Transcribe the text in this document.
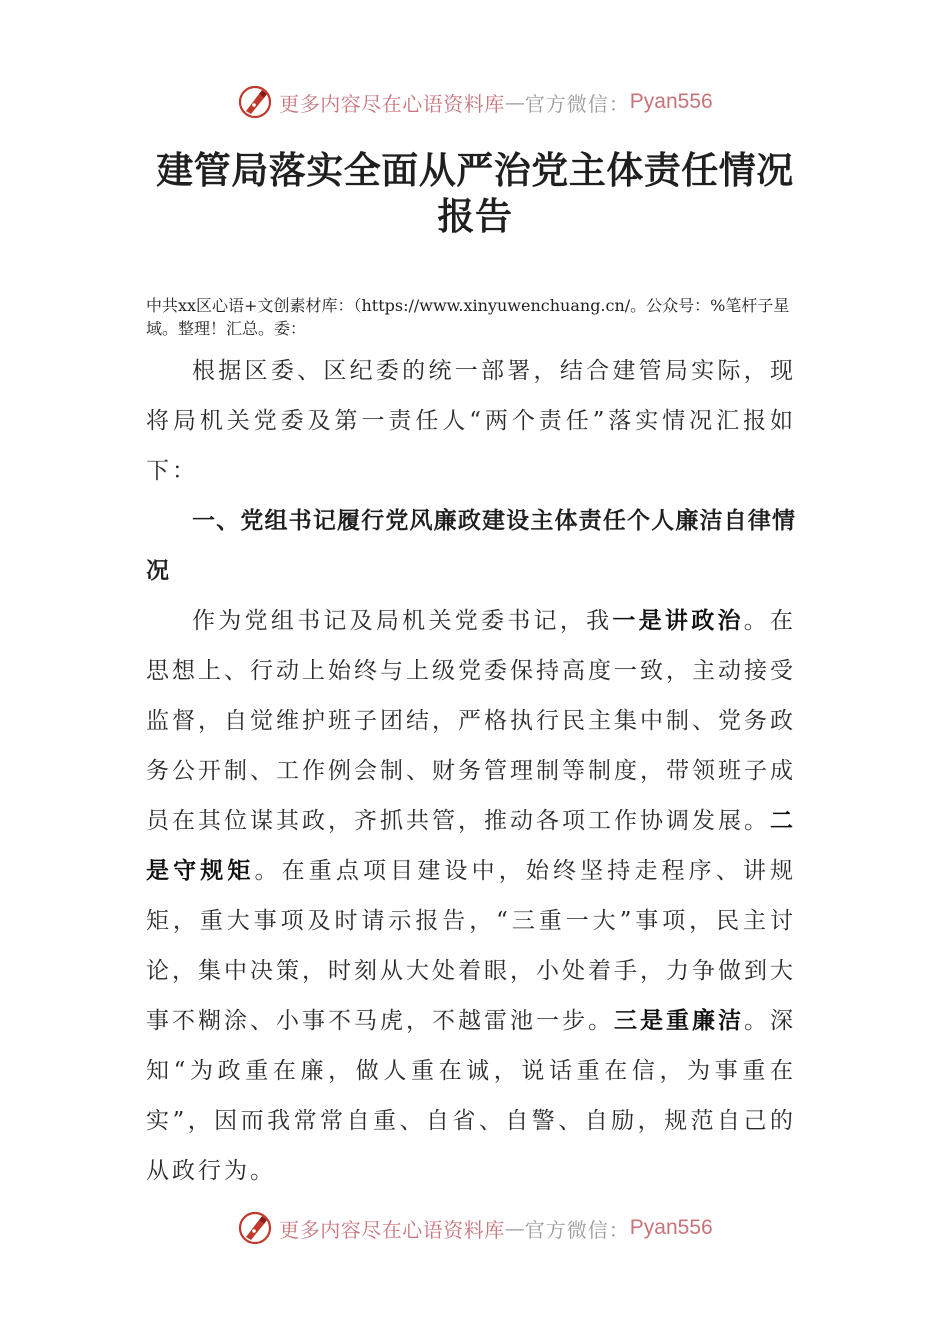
更多内容尽在心语资料库 — 官方微信： Pyan556
建管局落实全面从严治党主体责任情况报告
中共xx区心语+文创素材库：（https://www.xinyuwenchuang.cn/。公众号：%笔杆子星域。整理！汇总。委：

根据区委、区纪委的统一部署，结合建管局实际，现将局机关党委及第一责任人“两个责任”落实情况汇报如下：

一、党组书记履行党风廉政建设主体责任个人廉洁自律情况

作为党组书记及局机关党委书记，我一是讲政治。在思想上、行动上始终与上级党委保持高度一致，主动接受监督，自觉维护班子团结，严格执行民主集中制、党务政务公开制、工作例会制、财务管理制等制度，带领班子成员在其位谋其政，齐抓共管，推动各项工作协调发展。二是守规矩。在重点项目建设中，始终坚持走程序、讲规矩，重大事项及时请示报告，“三重一大”事项，民主讨论，集中决策，时刻从大处着眼，小处着手，力争做到大事不糊涂、小事不马虎，不越雷池一步。三是重廉洁。深知“为政重在廉，做人重在诚，说话重在信，为事重在实”，因而我常常自重、自省、自警、自励，规范自己的从政行为。

更多内容尽在心语资料库 — 官方微信： Pyan556
